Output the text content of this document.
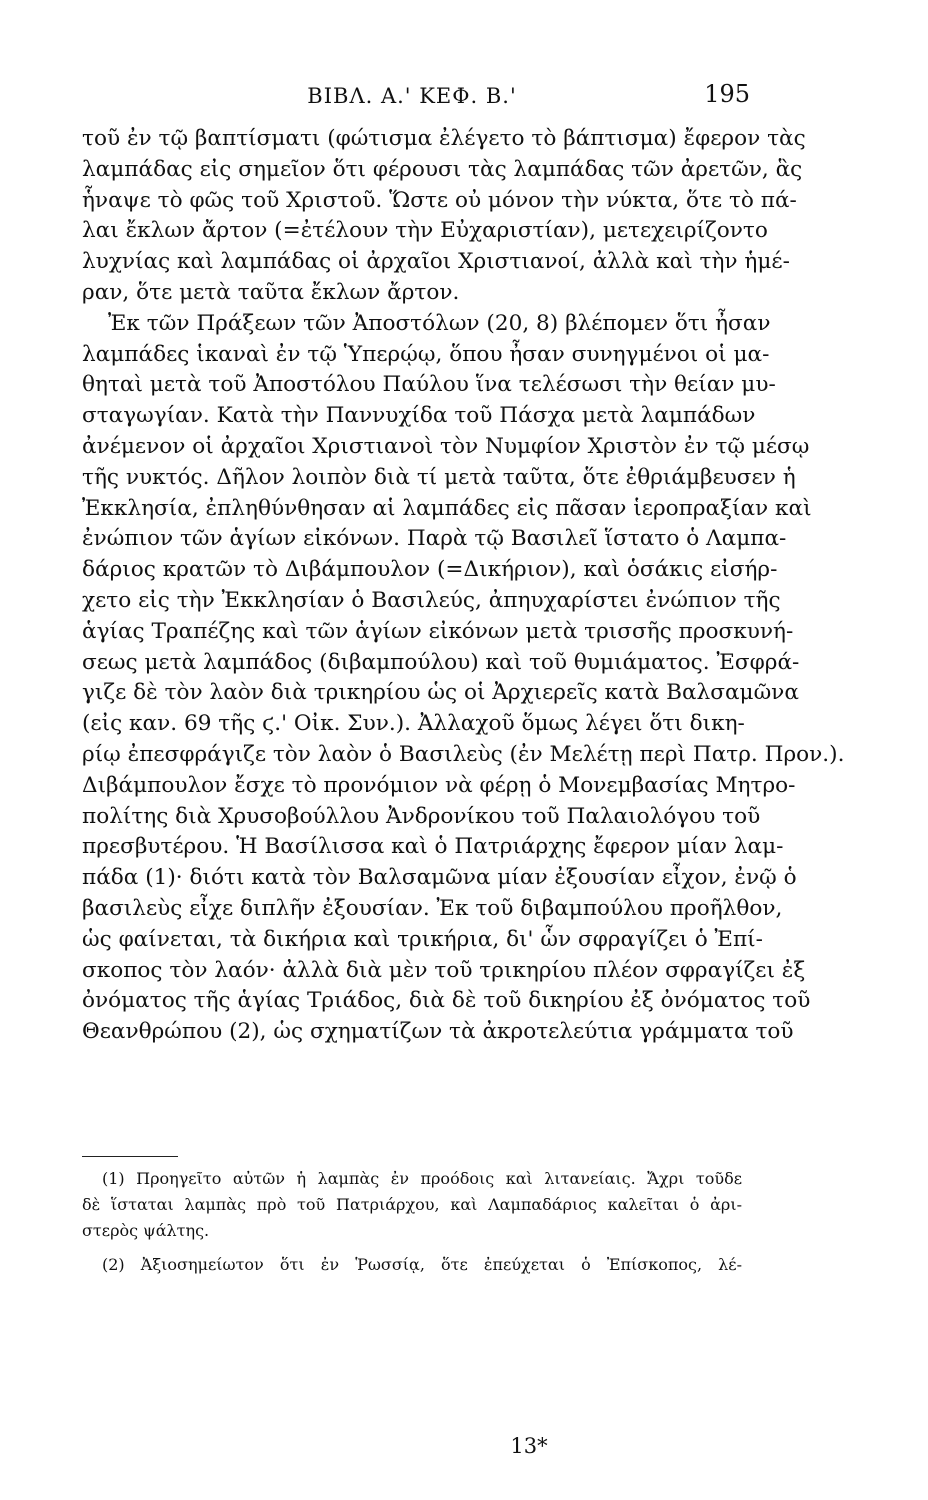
ΒΙΒΛ. Α.' ΚΕΦ. Β.'	195
τοῦ ἐν τῷ βαπτίσματι (φώτισμα ἐλέγετο τὸ βάπτισμα) ἔφερον τὰς
λαμπάδας εἰς σημεῖον ὅτι φέρουσι τὰς λαμπάδας τῶν ἀρετῶν, ἃς
ἧναψε τὸ φῶς τοῦ Χριστοῦ. Ὥστε οὐ μόνον τὴν νύκτα, ὅτε τὸ πά-
λαι ἔκλων ἄρτον (=ἐτέλουν τὴν Εὐχαριστίαν), μετεχειρίζοντο
λυχνίας καὶ λαμπάδας οἱ ἀρχαῖοι Χριστιανοί, ἀλλὰ καὶ τὴν ἡμέ-
ραν, ὅτε μετὰ ταῦτα ἔκλων ἄρτον.
Ἐκ τῶν Πράξεων τῶν Ἀποστόλων (20, 8) βλέπομεν ὅτι ἦσαν
λαμπάδες ἱκαναὶ ἐν τῷ Ὑπερῴῳ, ὅπου ἦσαν συνηγμένοι οἱ μα-
θηταὶ μετὰ τοῦ Ἀποστόλου Παύλου ἵνα τελέσωσι τὴν θείαν μυ-
σταγωγίαν. Κατὰ τὴν Παννυχίδα τοῦ Πάσχα μετὰ λαμπάδων
ἀνέμενον οἱ ἀρχαῖοι Χριστιανοὶ τὸν Νυμφίον Χριστὸν ἐν τῷ μέσῳ
τῆς νυκτός. Δῆλον λοιπὸν διὰ τί μετὰ ταῦτα, ὅτε ἐθριάμβευσεν ἡ
Ἐκκλησία, ἐπληθύνθησαν αἱ λαμπάδες εἰς πᾶσαν ἱεροπραξίαν καὶ
ἐνώπιον τῶν ἁγίων εἰκόνων. Παρὰ τῷ Βασιλεῖ ἵστατο ὁ Λαμπα-
δάριος κρατῶν τὸ Διβάμπουλον (=Δικήριον), καὶ ὁσάκις εἰσήρ-
χετο εἰς τὴν Ἐκκλησίαν ὁ Βασιλεύς, ἀπηυχαρίστει ἐνώπιον τῆς
ἁγίας Τραπέζης καὶ τῶν ἁγίων εἰκόνων μετὰ τρισσῆς προσκυνή-
σεως μετὰ λαμπάδος (διβαμπούλου) καὶ τοῦ θυμιάματος. Ἐσφρά-
γιζε δὲ τὸν λαὸν διὰ τρικηρίου ὡς οἱ Ἀρχιερεῖς κατὰ Βαλσαμῶνα
(εἰς καν. 69 τῆς ϛ.' Οἰκ. Συν.). Ἀλλαχοῦ ὅμως λέγει ὅτι δικη-
ρίῳ ἐπεσφράγιζε τὸν λαὸν ὁ Βασιλεὺς (ἐν Μελέτῃ περὶ Πατρ. Προν.).
Διβάμπουλον ἔσχε τὸ προνόμιον νὰ φέρῃ ὁ Μονεμβασίας Μητρο-
πολίτης διὰ Χρυσοβούλλου Ἀνδρονίκου τοῦ Παλαιολόγου τοῦ
πρεσβυτέρου. Ἡ Βασίλισσα καὶ ὁ Πατριάρχης ἔφερον μίαν λαμ-
πάδα (1)· διότι κατὰ τὸν Βαλσαμῶνα μίαν ἐξουσίαν εἶχον, ἐνῷ ὁ
βασιλεὺς εἶχε διπλῆν ἐξουσίαν. Ἐκ τοῦ διβαμπούλου προῆλθον,
ὡς φαίνεται, τὰ δικήρια καὶ τρικήρια, δι' ὧν σφραγίζει ὁ Ἐπί-
σκοπος τὸν λαόν· ἀλλὰ διὰ μὲν τοῦ τρικηρίου πλέον σφραγίζει ἐξ
ὀνόματος τῆς ἁγίας Τριάδος, διὰ δὲ τοῦ δικηρίου ἐξ ὀνόματος τοῦ
Θεανθρώπου (2), ὡς σχηματίζων τὰ ἀκροτελεύτια γράμματα τοῦ
(1) Προηγεῖτο αὐτῶν ἡ λαμπὰς ἐν προόδοις καὶ λιτανείαις. Ἄχρι τοῦδε
δὲ ἵσταται λαμπὰς πρὸ τοῦ Πατριάρχου, καὶ Λαμπαδάριος καλεῖται ὁ ἀρι-
στερὸς ψάλτης.
(2) Ἀξιοσημείωτον ὅτι ἐν Ῥωσσίᾳ, ὅτε ἐπεύχεται ὁ Ἐπίσκοπος, λέ-
13*
